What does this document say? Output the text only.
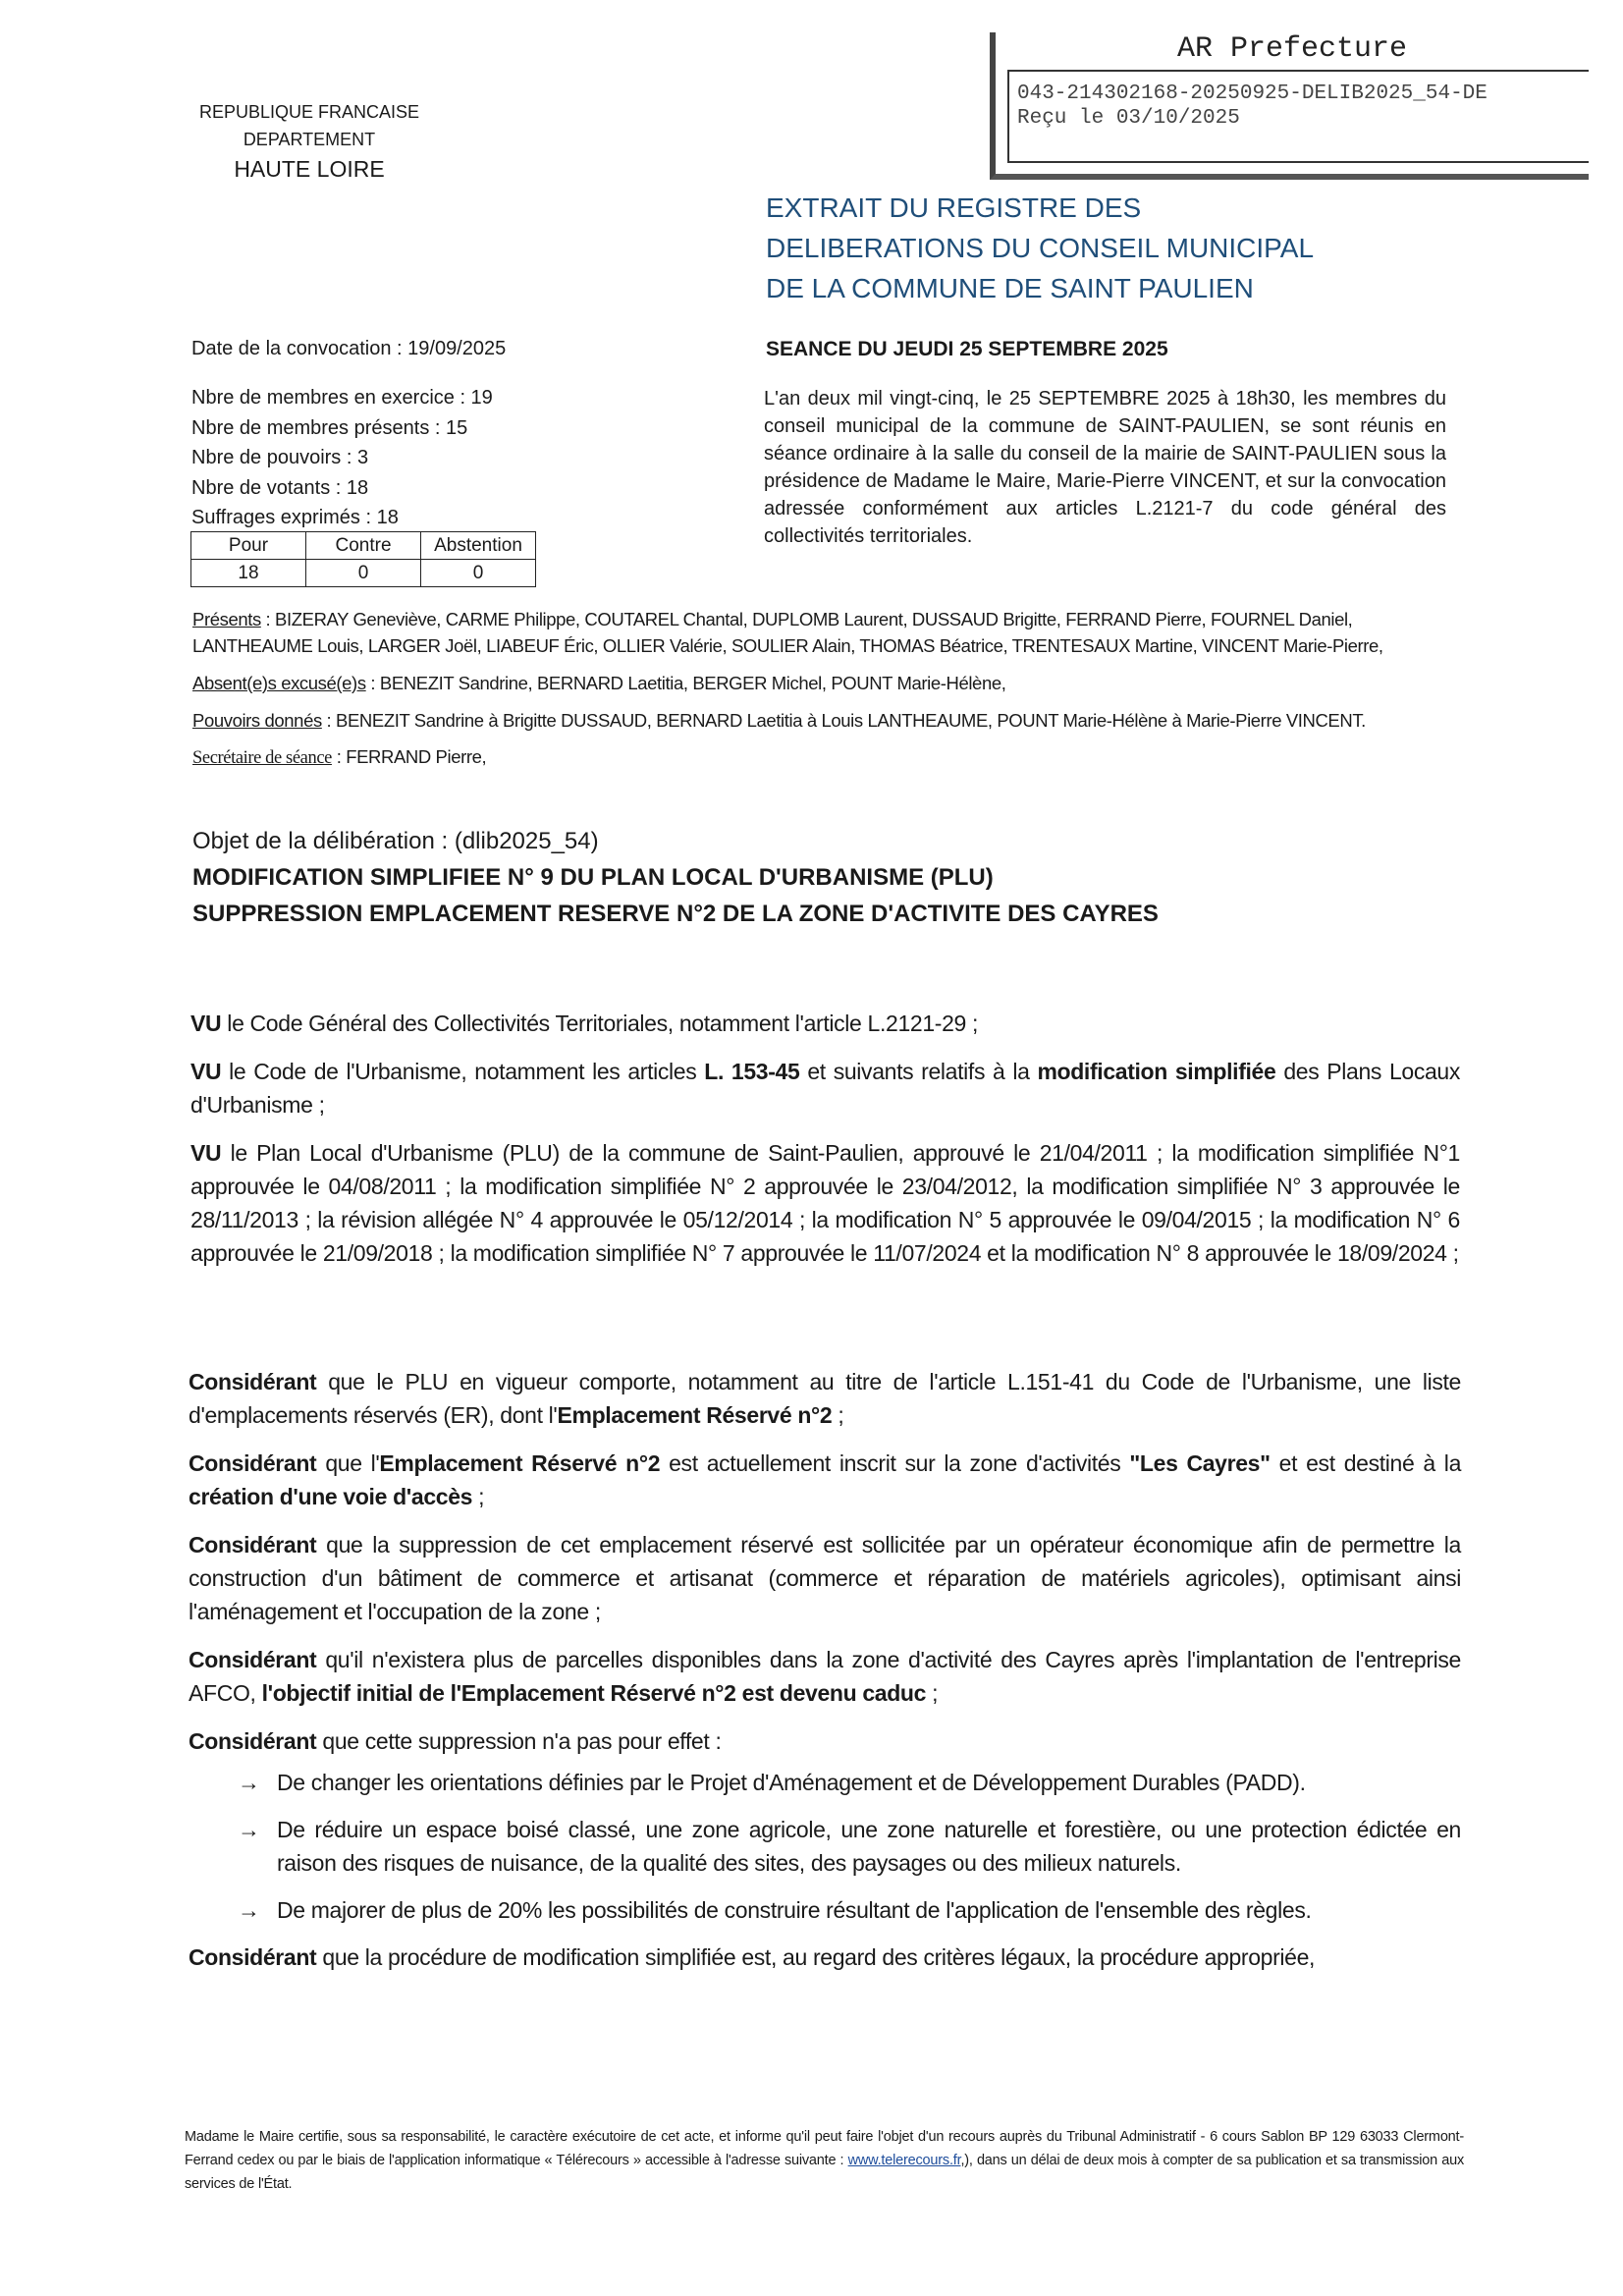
REPUBLIQUE FRANCAISE
DEPARTEMENT
HAUTE LOIRE
AR Prefecture
043-214302168-20250925-DELIB2025_54-DE
Reçu le 03/10/2025
EXTRAIT DU REGISTRE DES
DELIBERATIONS DU CONSEIL MUNICIPAL
DE LA COMMUNE DE SAINT PAULIEN
Date de la convocation : 19/09/2025	SEANCE DU JEUDI 25 SEPTEMBRE 2025
Nbre de membres en exercice : 19
Nbre de membres présents : 15
Nbre de pouvoirs : 3
Nbre de votants : 18
Suffrages exprimés : 18
Pour	Contre	Abstention
18	0	0
L'an deux mil vingt-cinq, le 25 SEPTEMBRE 2025 à 18h30, les membres du conseil municipal de la commune de SAINT-PAULIEN, se sont réunis en séance ordinaire à la salle du conseil de la mairie de SAINT-PAULIEN sous la présidence de Madame le Maire, Marie-Pierre VINCENT, et sur la convocation adressée conformément aux articles L.2121-7 du code général des collectivités territoriales.
Présents : BIZERAY Geneviève, CARME Philippe, COUTAREL Chantal, DUPLOMB Laurent, DUSSAUD Brigitte, FERRAND Pierre, FOURNEL Daniel, LANTHEAUME Louis, LARGER Joël, LIABEUF Éric, OLLIER Valérie, SOULIER Alain, THOMAS Béatrice, TRENTESAUX Martine, VINCENT Marie-Pierre,
Absent(e)s excusé(e)s : BENEZIT Sandrine, BERNARD Laetitia, BERGER Michel, POUNT Marie-Hélène,
Pouvoirs donnés : BENEZIT Sandrine à Brigitte DUSSAUD, BERNARD Laetitia à Louis LANTHEAUME, POUNT Marie-Hélène à Marie-Pierre VINCENT.
Secrétaire de séance : FERRAND Pierre,
Objet de la délibération : (dlib2025_54)
MODIFICATION SIMPLIFIEE N° 9 DU PLAN LOCAL D'URBANISME (PLU)
SUPPRESSION EMPLACEMENT RESERVE N°2 DE LA ZONE D'ACTIVITE DES CAYRES

VU le Code Général des Collectivités Territoriales, notamment l'article L.2121-29 ;

VU le Code de l'Urbanisme, notamment les articles L. 153-45 et suivants relatifs à la modification simplifiée des Plans Locaux d'Urbanisme ;

VU le Plan Local d'Urbanisme (PLU) de la commune de Saint-Paulien, approuvé le 21/04/2011 ; la modification simplifiée N°1 approuvée le 04/08/2011 ; la modification simplifiée N° 2 approuvée le 23/04/2012, la modification simplifiée N° 3 approuvée le 28/11/2013 ; la révision allégée N° 4 approuvée le 05/12/2014 ; la modification N° 5 approuvée le 09/04/2015 ; la modification N° 6 approuvée le 21/09/2018 ; la modification simplifiée N° 7 approuvée le 11/07/2024 et la modification N° 8 approuvée le 18/09/2024 ;

Considérant que le PLU en vigueur comporte, notamment au titre de l'article L.151-41 du Code de l'Urbanisme, une liste d'emplacements réservés (ER), dont l'Emplacement Réservé n°2 ;

Considérant que l'Emplacement Réservé n°2 est actuellement inscrit sur la zone d'activités "Les Cayres" et est destiné à la création d'une voie d'accès ;

Considérant que la suppression de cet emplacement réservé est sollicitée par un opérateur économique afin de permettre la construction d'un bâtiment de commerce et artisanat (commerce et réparation de matériels agricoles), optimisant ainsi l'aménagement et l'occupation de la zone ;

Considérant qu'il n'existera plus de parcelles disponibles dans la zone d'activité des Cayres après l'implantation de l'entreprise AFCO, l'objectif initial de l'Emplacement Réservé n°2 est devenu caduc ;

Considérant que cette suppression n'a pas pour effet :

→ De changer les orientations définies par le Projet d'Aménagement et de Développement Durables (PADD).
→ De réduire un espace boisé classé, une zone agricole, une zone naturelle et forestière, ou une protection édictée en raison des risques de nuisance, de la qualité des sites, des paysages ou des milieux naturels.
→ De majorer de plus de 20% les possibilités de construire résultant de l'application de l'ensemble des règles.

Considérant que la procédure de modification simplifiée est, au regard des critères légaux, la procédure appropriée,

Madame le Maire certifie, sous sa responsabilité, le caractère exécutoire de cet acte, et informe qu'il peut faire l'objet d'un recours auprès du Tribunal Administratif - 6 cours Sablon BP 129 63033 Clermont-Ferrand cedex ou par le biais de l'application informatique « Télérecours » accessible à l'adresse suivante : www.telerecours.fr,), dans un délai de deux mois à compter de sa publication et sa transmission aux services de l'État.
